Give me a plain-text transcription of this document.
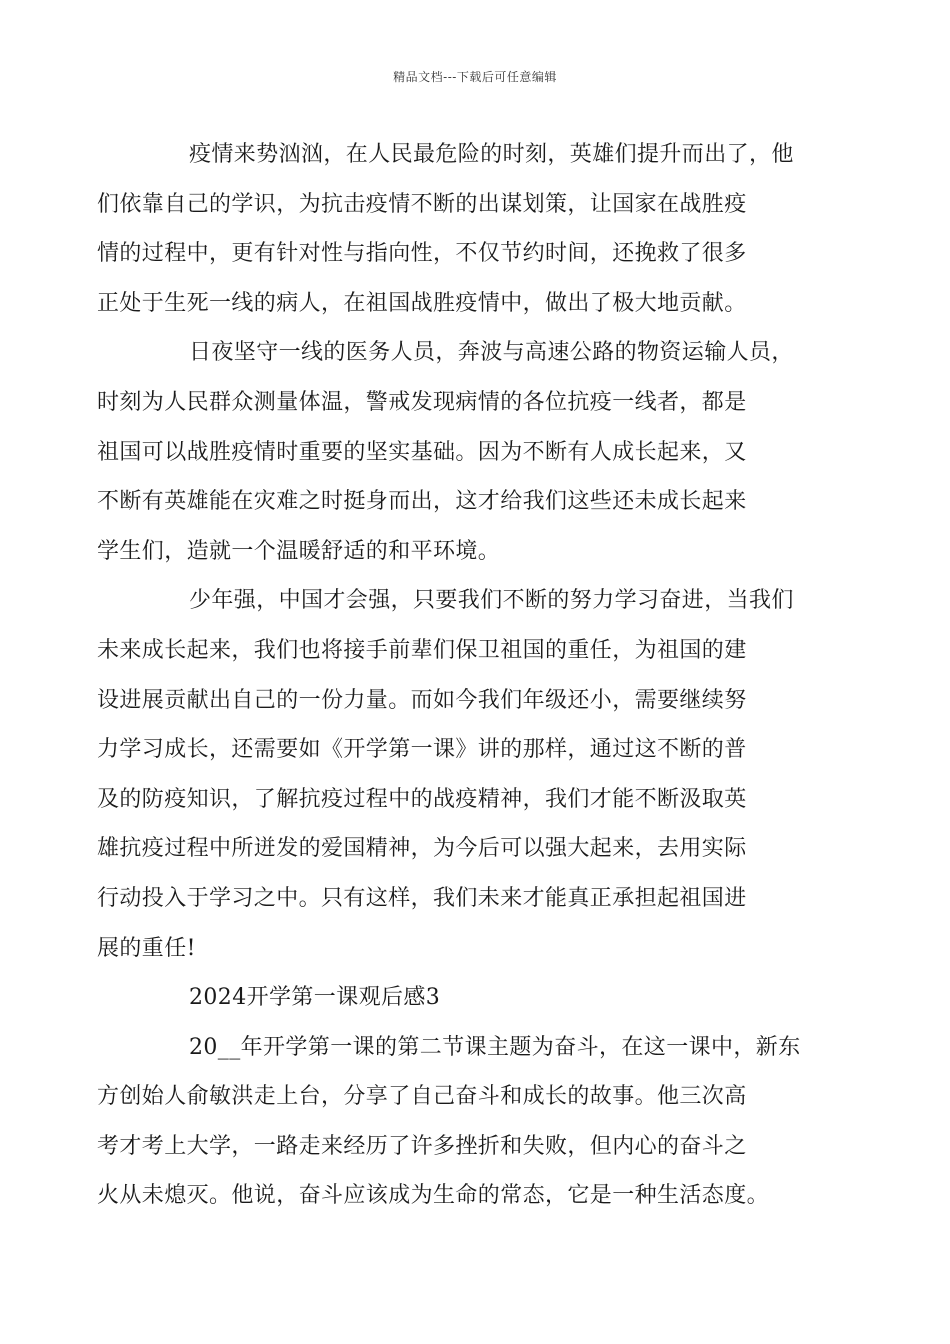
精品文档---下载后可任意编辑

疫情来势汹汹，在人民最危险的时刻，英雄们提升而出了，他
们依靠自己的学识，为抗击疫情不断的出谋划策，让国家在战胜疫
情的过程中，更有针对性与指向性，不仅节约时间，还挽救了很多
正处于生死一线的病人，在祖国战胜疫情中，做出了极大地贡献。

日夜坚守一线的医务人员，奔波与高速公路的物资运输人员，
时刻为人民群众测量体温，警戒发现病情的各位抗疫一线者，都是
祖国可以战胜疫情时重要的坚实基础。因为不断有人成长起来，又
不断有英雄能在灾难之时挺身而出，这才给我们这些还未成长起来
学生们，造就一个温暖舒适的和平环境。

少年强，中国才会强，只要我们不断的努力学习奋进，当我们
未来成长起来，我们也将接手前辈们保卫祖国的重任，为祖国的建
设进展贡献出自己的一份力量。而如今我们年级还小，需要继续努
力学习成长，还需要如《开学第一课》讲的那样，通过这不断的普
及的防疫知识，了解抗疫过程中的战疫精神，我们才能不断汲取英
雄抗疫过程中所迸发的爱国精神，为今后可以强大起来，去用实际
行动投入于学习之中。只有这样，我们未来才能真正承担起祖国进
展的重任!

2024开学第一课观后感3

20__年开学第一课的第二节课主题为奋斗，在这一课中，新东
方创始人俞敏洪走上台，分享了自己奋斗和成长的故事。他三次高
考才考上大学，一路走来经历了许多挫折和失败，但内心的奋斗之
火从未熄灭。他说，奋斗应该成为生命的常态，它是一种生活态度。
